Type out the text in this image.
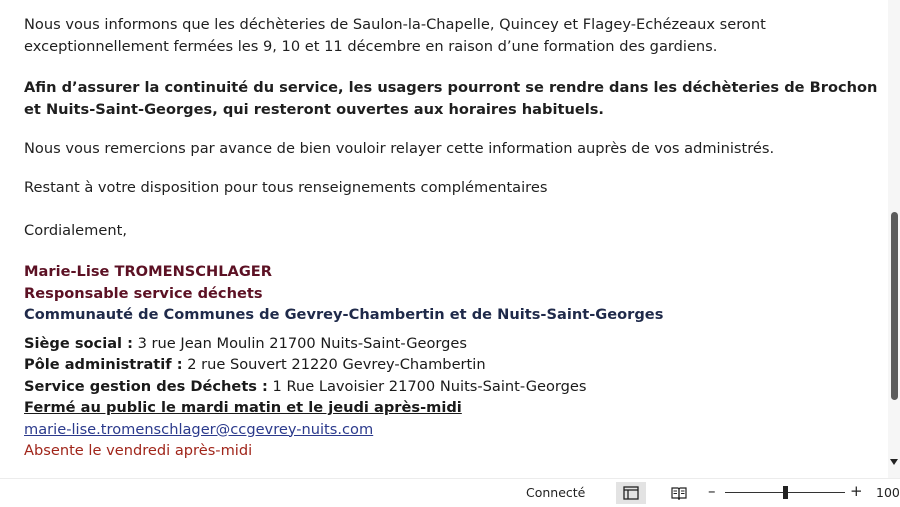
Nous vous informons que les déchèteries de Saulon-la-Chapelle, Quincey et Flagey-Echézeaux seront exceptionnellement fermées les 9, 10 et 11 décembre en raison d’une formation des gardiens.

Afin d’assurer la continuité du service, les usagers pourront se rendre dans les déchèteries de Brochon et Nuits-Saint-Georges, qui resteront ouvertes aux horaires habituels.

Nous vous remercions par avance de bien vouloir relayer cette information auprès de vos administrés.

Restant à votre disposition pour tous renseignements complémentaires

Cordialement,

Marie-Lise TROMENSCHLAGER
Responsable service déchets
Communauté de Communes de Gevrey-Chambertin et de Nuits-Saint-Georges
Siège social : 3 rue Jean Moulin 21700 Nuits-Saint-Georges
Pôle administratif : 2 rue Souvert 21220 Gevrey-Chambertin
Service gestion des Déchets : 1 Rue Lavoisier 21700 Nuits-Saint-Georges
Fermé au public le mardi matin et le jeudi après-midi
marie-lise.tromenschlager@ccgevrey-nuits.com
Absente le vendredi après-midi
Connecté	–	+ 100
